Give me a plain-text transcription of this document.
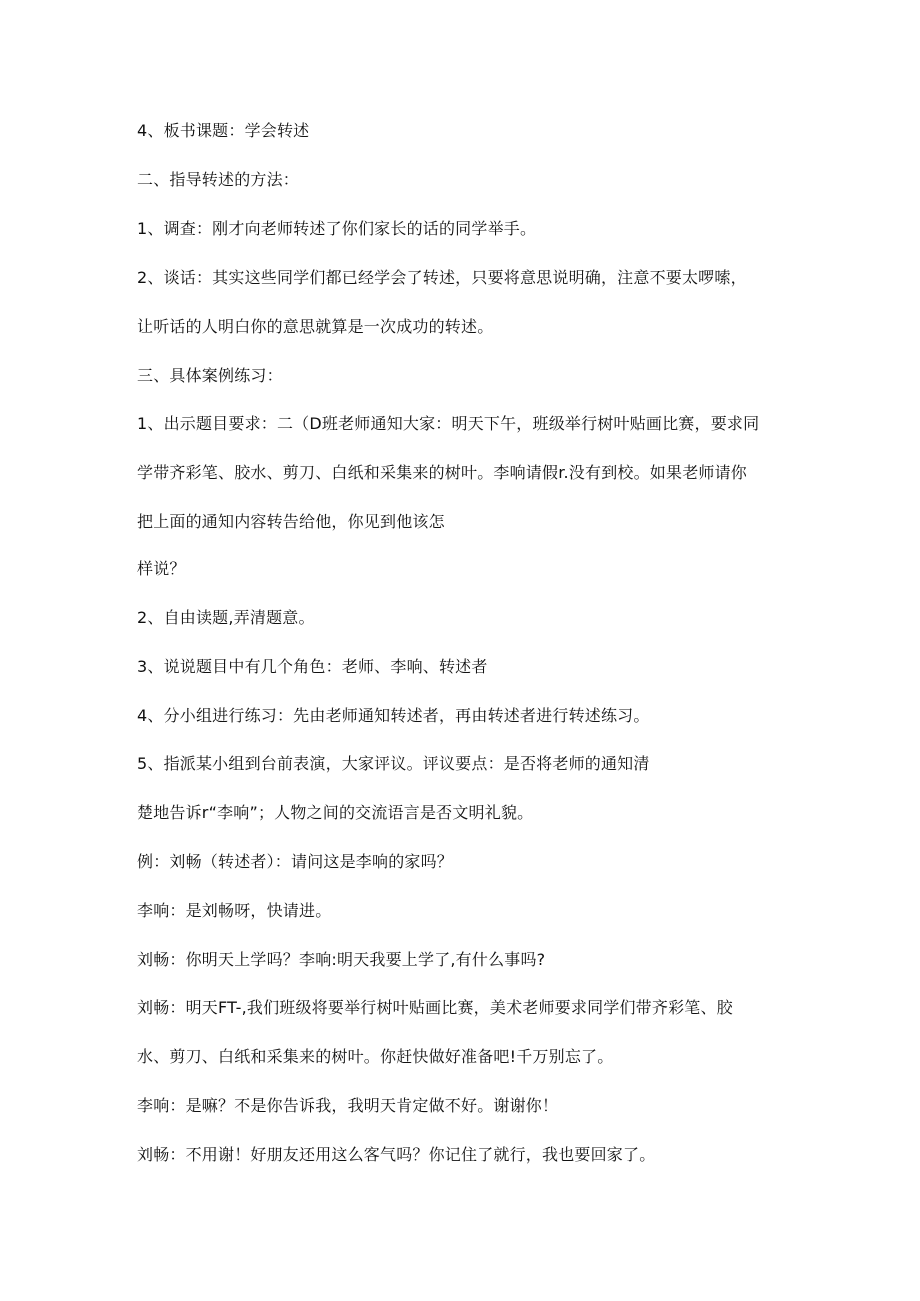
4、板书课题：学会转述
二、指导转述的方法：
1、调查：刚才向老师转述了你们家长的话的同学举手。
2、谈话：其实这些同学们都已经学会了转述，只要将意思说明确，注意不要太啰嗦，
让听话的人明白你的意思就算是一次成功的转述。
三、具体案例练习：
1、出示题目要求：二（D班老师通知大家：明天下午，班级举行树叶贴画比赛，要求同
学带齐彩笔、胶水、剪刀、白纸和采集来的树叶。李响请假r.没有到校。如果老师请你
把上面的通知内容转告给他，你见到他该怎
样说？
2、自由读题,弄清题意。
3、说说题目中有几个角色：老师、李响、转述者
4、分小组进行练习：先由老师通知转述者，再由转述者进行转述练习。
5、指派某小组到台前表演，大家评议。评议要点：是否将老师的通知清
楚地告诉r“李响”；人物之间的交流语言是否文明礼貌。
例：刘畅（转述者）：请问这是李响的家吗？
李响：是刘畅呀，快请进。
刘畅：你明天上学吗？李响:明天我要上学了,有什么事吗?
刘畅：明天FT-,我们班级将要举行树叶贴画比赛，美术老师要求同学们带齐彩笔、胶
水、剪刀、白纸和采集来的树叶。你赶快做好准备吧!千万别忘了。
李响：是嘛？不是你告诉我，我明天肯定做不好。谢谢你！
刘畅：不用谢！好朋友还用这么客气吗？你记住了就行，我也要回家了。
